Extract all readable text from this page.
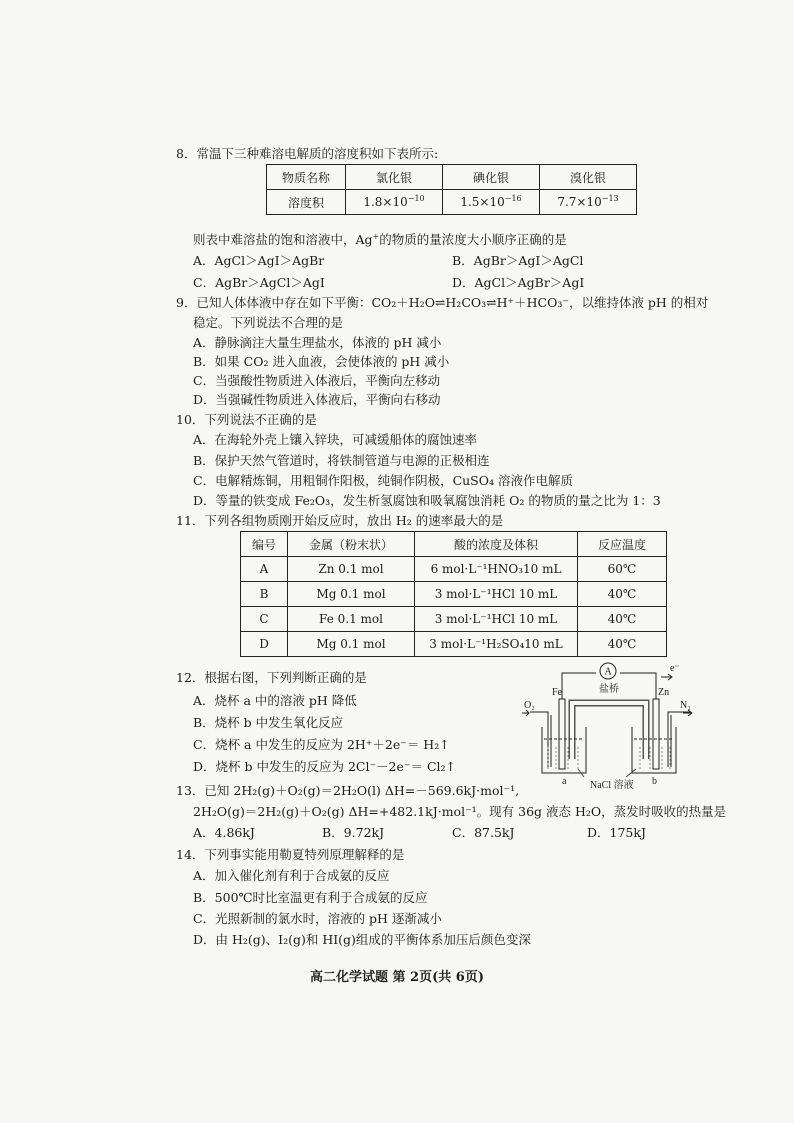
8．常温下三种难溶电解质的溶度积如下表所示:
物质名称	氯化银	碘化银	溴化银
溶度积	$1.8\times 10^{-10}$	$1.5\times 10^{-16}$	$7.7\times 10^{-13}$
则表中难溶盐的饱和溶液中，Ag+的物质的量浓度大小顺序正确的是
A．AgCl＞AgI＞AgBr	B．AgBr＞AgI＞AgCl
C．AgBr＞AgCl＞AgI	D．AgCl＞AgBr＞AgI
9．已知人体体液中存在如下平衡：CO₂＋H₂O⇌H₂CO₃⇌H⁺＋HCO₃⁻，以维持体液 pH 的相对
稳定。下列说法不合理的是
A．静脉滴注大量生理盐水，体液的 pH 减小
B．如果 CO₂ 进入血液，会使体液的 pH 减小
C．当强酸性物质进入体液后，平衡向左移动
D．当强碱性物质进入体液后，平衡向右移动
10．下列说法不正确的是
A．在海轮外壳上镶入锌块，可减缓船体的腐蚀速率
B．保护天然气管道时，将铁制管道与电源的正极相连
C．电解精炼铜，用粗铜作阳极，纯铜作阴极，CuSO₄ 溶液作电解质
D．等量的铁变成 Fe₂O₃，发生析氢腐蚀和吸氧腐蚀消耗 O₂ 的物质的量之比为 1：3
11．下列各组物质刚开始反应时，放出 H₂ 的速率最大的是
编号	金属（粉末状）	酸的浓度及体积	反应温度
A	Zn 0.1 mol	6 mol·L⁻¹HNO₃10 mL	60℃
B	Mg 0.1 mol	3 mol·L⁻¹HCl 10 mL	40℃
C	Fe 0.1 mol	3 mol·L⁻¹HCl 10 mL	40℃
D	Mg 0.1 mol	3 mol·L⁻¹H₂SO₄10 mL	40℃
12．根据右图，下列判断正确的是
A．烧杯 a 中的溶液 pH 降低
B．烧杯 b 中发生氧化反应
C．烧杯 a 中发生的反应为 2H⁺＋2e⁻＝ H₂↑
D．烧杯 b 中发生的反应为 2Cl⁻－2e⁻＝ Cl₂↑
A	e⁻
Fe	Zn
盐桥
O₂	N₂
a	b
NaCl 溶液
13．已知 2H₂(g)＋O₂(g)＝2H₂O(l) ΔH=－569.6kJ·mol⁻¹,
2H₂O(g)＝2H₂(g)＋O₂(g) ΔH=+482.1kJ·mol⁻¹。现有 36g 液态 H₂O，蒸发时吸收的热量是
A．4.86kJ	B．9.72kJ	C．87.5kJ	D．175kJ
14．下列事实能用勒夏特列原理解释的是
A．加入催化剂有利于合成氨的反应
B．500℃时比室温更有利于合成氨的反应
C．光照新制的氯水时，溶液的 pH 逐渐减小
D．由 H₂(g)、I₂(g)和 HI(g)组成的平衡体系加压后颜色变深
高二化学试题 第 2页(共 6页)
